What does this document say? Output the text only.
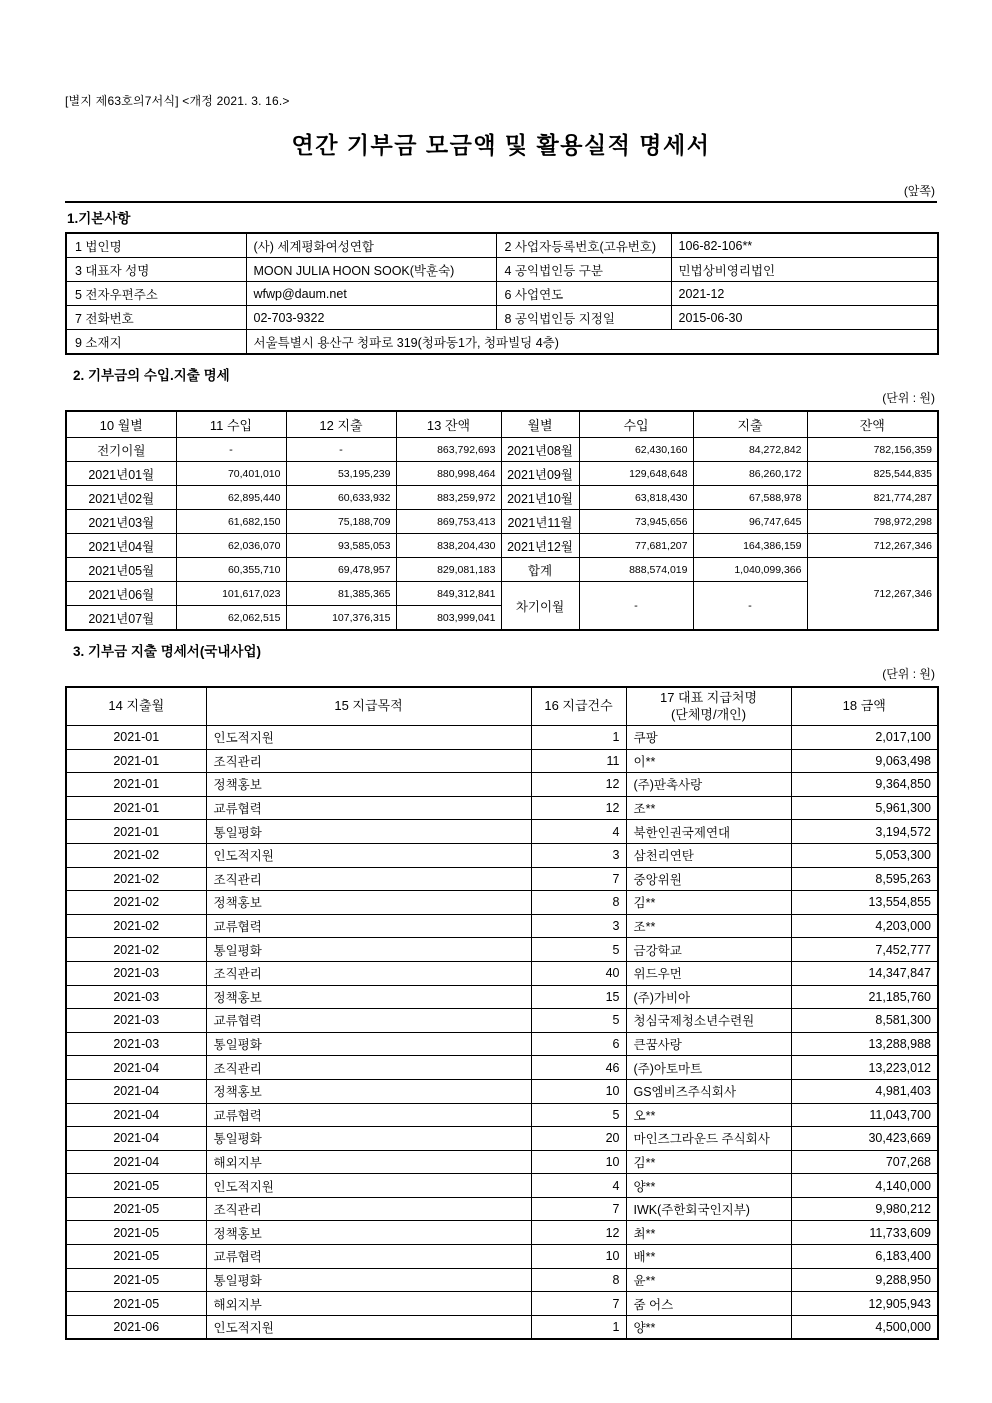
[별지 제63호의7서식] <개정 2021. 3. 16.>
연간 기부금 모금액 및 활용실적 명세서
(앞쪽)
1.기본사항
1 법인명	(사) 세계평화여성연합	2 사업자등록번호(고유번호)	106-82-106**
3 대표자 성명	MOON JULIA HOON SOOK(박훈숙)	4 공익법인등 구분	민법상비영리법인
5 전자우편주소	wfwp@daum.net	6 사업연도	2021-12
7 전화번호	02-703-9322	8 공익법인등 지정일	2015-06-30
9 소재지	서울특별시 용산구 청파로 319(청파동1가, 청파빌딩 4층)		
2. 기부금의 수입.지출 명세
(단위 : 원)
10 월별	11 수입	12 지출	13 잔액	월별	수입	지출	잔액
전기이월	-	-	863,792,693	2021년08월	62,430,160	84,272,842	782,156,359
2021년01월	70,401,010	53,195,239	880,998,464	2021년09월	129,648,648	86,260,172	825,544,835
2021년02월	62,895,440	60,633,932	883,259,972	2021년10월	63,818,430	67,588,978	821,774,287
2021년03월	61,682,150	75,188,709	869,753,413	2021년11월	73,945,656	96,747,645	798,972,298
2021년04월	62,036,070	93,585,053	838,204,430	2021년12월	77,681,207	164,386,159	712,267,346
2021년05월	60,355,710	69,478,957	829,081,183	합계	888,574,019	1,040,099,366	712,267,346
2021년06월	101,617,023	81,385,365	849,312,841	차기이월	-	-	
2021년07월	62,062,515	107,376,315	803,999,041				
3. 기부금 지출 명세서(국내사업)
(단위 : 원)
14 지출월	15 지급목적	16 지급건수	17 대표 지급처명
(단체명/개인)	18 금액
2021-01	인도적지원	1	쿠팡	2,017,100
2021-01	조직관리	11	이**	9,063,498
2021-01	정책홍보	12	(주)판촉사랑	9,364,850
2021-01	교류협력	12	조**	5,961,300
2021-01	통일평화	4	북한인권국제연대	3,194,572
2021-02	인도적지원	3	삼천리연탄	5,053,300
2021-02	조직관리	7	중앙위원	8,595,263
2021-02	정책홍보	8	김**	13,554,855
2021-02	교류협력	3	조**	4,203,000
2021-02	통일평화	5	금강학교	7,452,777
2021-03	조직관리	40	위드우먼	14,347,847
2021-03	정책홍보	15	(주)가비아	21,185,760
2021-03	교류협력	5	청심국제청소년수련원	8,581,300
2021-03	통일평화	6	큰꿈사랑	13,288,988
2021-04	조직관리	46	(주)아토마트	13,223,012
2021-04	정책홍보	10	GS엠비즈주식회사	4,981,403
2021-04	교류협력	5	오**	11,043,700
2021-04	통일평화	20	마인즈그라운드 주식회사	30,423,669
2021-04	해외지부	10	김**	707,268
2021-05	인도적지원	4	양**	4,140,000
2021-05	조직관리	7	IWK(주한회국인지부)	9,980,212
2021-05	정책홍보	12	최**	11,733,609
2021-05	교류협력	10	배**	6,183,400
2021-05	통일평화	8	윤**	9,288,950
2021-05	해외지부	7	줌 어스	12,905,943
2021-06	인도적지원	1	양**	4,500,000
